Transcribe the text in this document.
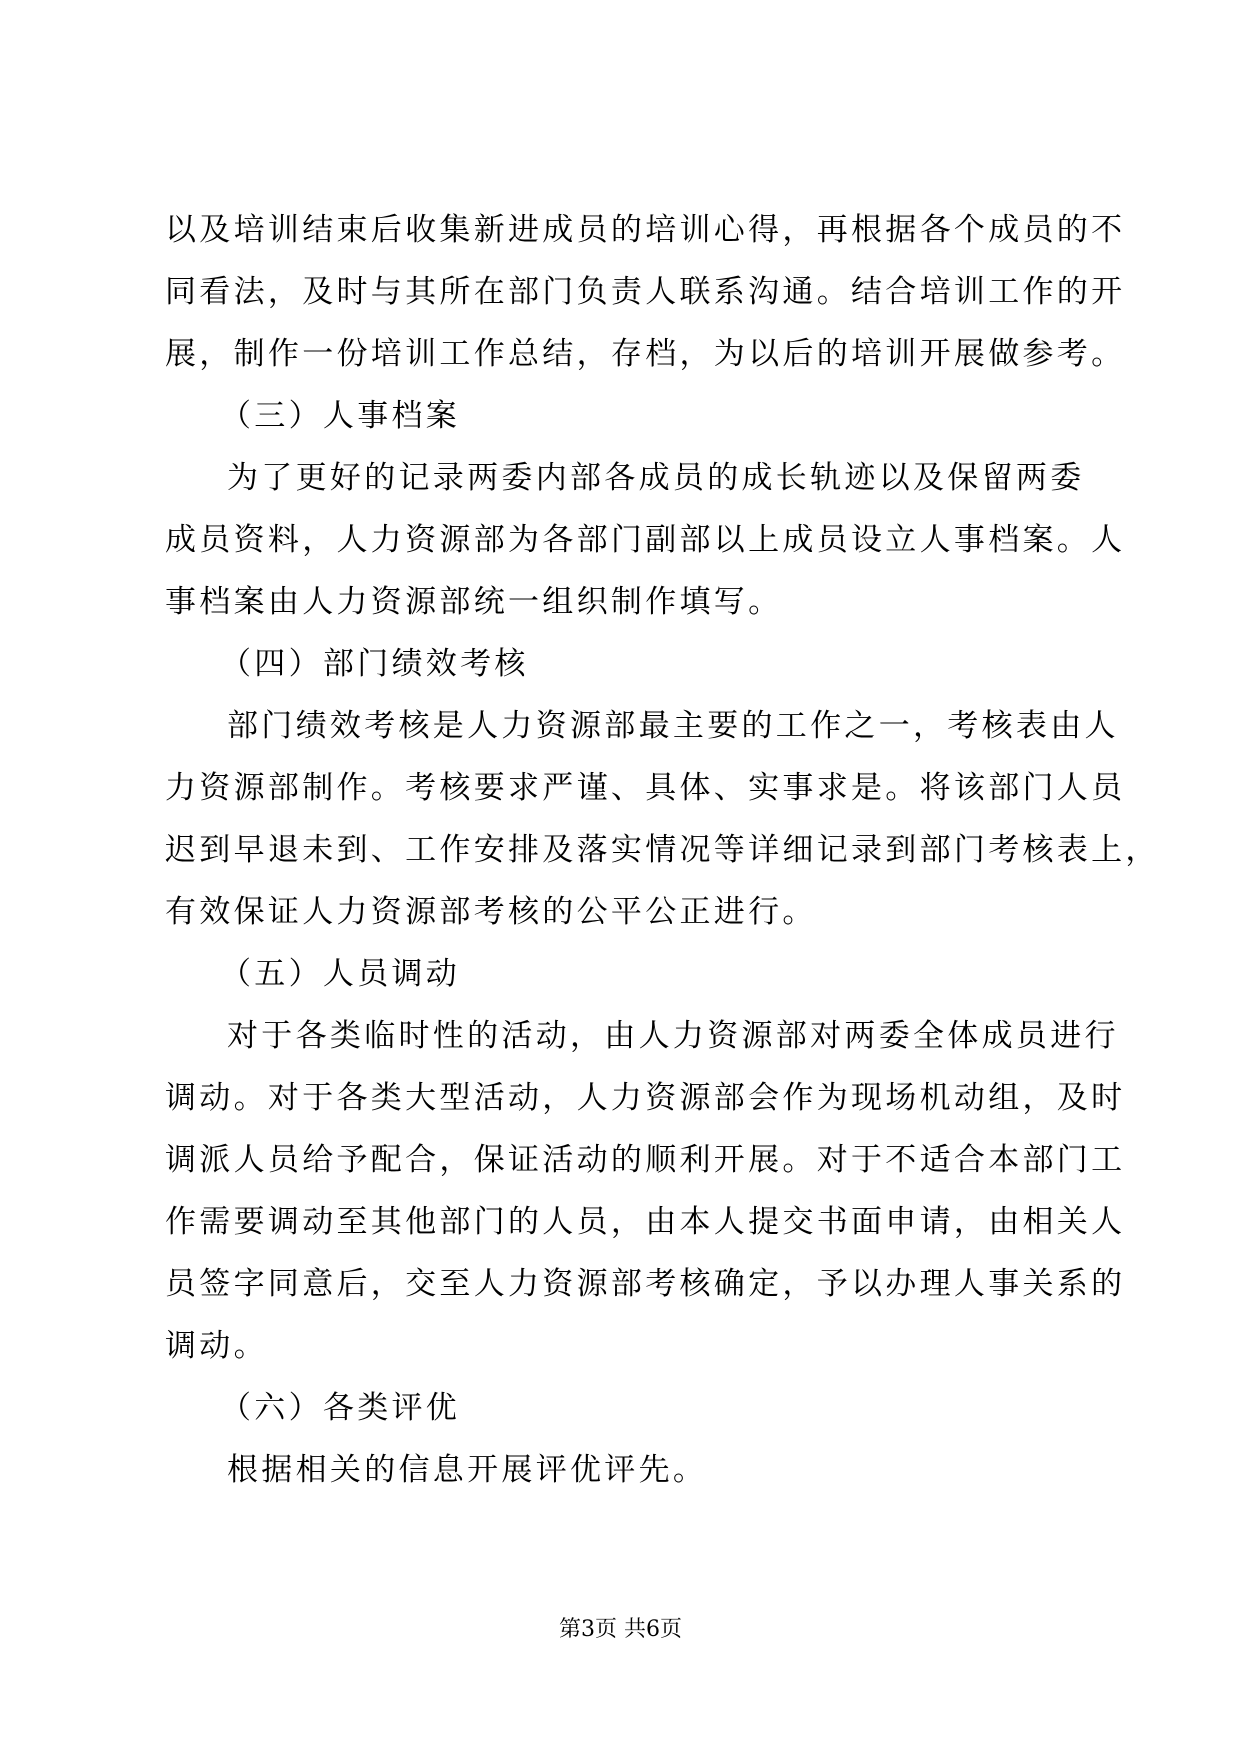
以及培训结束后收集新进成员的培训心得，再根据各个成员的不
同看法，及时与其所在部门负责人联系沟通。结合培训工作的开
展，制作一份培训工作总结，存档，为以后的培训开展做参考。
（三）人事档案
为了更好的记录两委内部各成员的成长轨迹以及保留两委
成员资料，人力资源部为各部门副部以上成员设立人事档案。人
事档案由人力资源部统一组织制作填写。
（四）部门绩效考核
部门绩效考核是人力资源部最主要的工作之一，考核表由人
力资源部制作。考核要求严谨、具体、实事求是。将该部门人员
迟到早退未到、工作安排及落实情况等详细记录到部门考核表上，
有效保证人力资源部考核的公平公正进行。
（五）人员调动
对于各类临时性的活动，由人力资源部对两委全体成员进行
调动。对于各类大型活动，人力资源部会作为现场机动组，及时
调派人员给予配合，保证活动的顺利开展。对于不适合本部门工
作需要调动至其他部门的人员，由本人提交书面申请，由相关人
员签字同意后，交至人力资源部考核确定，予以办理人事关系的
调动。
（六）各类评优
根据相关的信息开展评优评先。
第3页 共6页
